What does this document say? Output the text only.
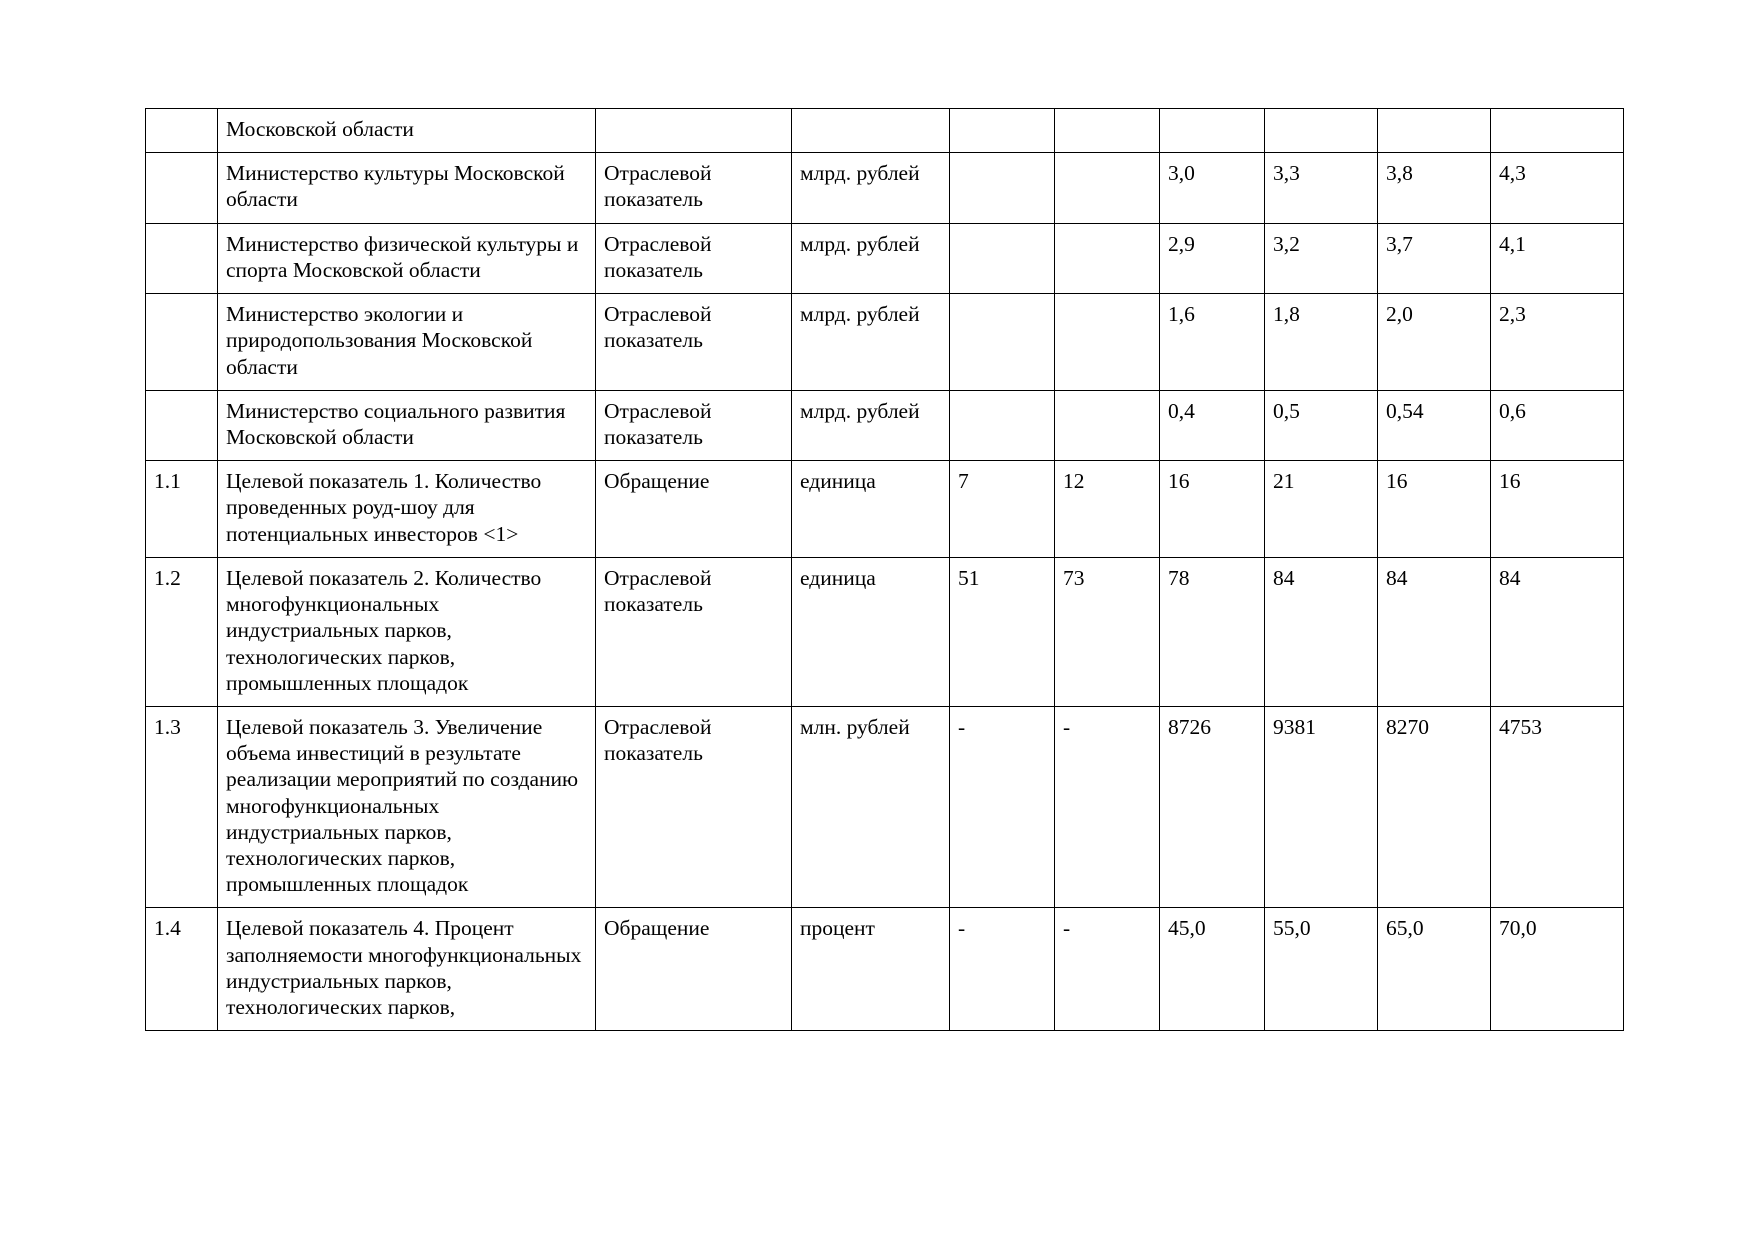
	Московской области								

	Министерство культуры Московской области	Отраслевой показатель	млрд. рублей			3,0	3,3	3,8	4,3

	Министерство физической культуры и спорта Московской области	Отраслевой показатель	млрд. рублей			2,9	3,2	3,7	4,1

	Министерство экологии и природопользования Московской области	Отраслевой показатель	млрд. рублей			1,6	1,8	2,0	2,3

	Министерство социального развития Московской области	Отраслевой показатель	млрд. рублей			0,4	0,5	0,54	0,6

1.1	Целевой показатель 1. Количество проведенных роуд-шоу для потенциальных инвесторов <1>	Обращение	единица	7	12	16	21	16	16

1.2	Целевой показатель 2. Количество многофункциональных индустриальных парков, технологических парков, промышленных площадок	Отраслевой показатель	единица	51	73	78	84	84	84

1.3	Целевой показатель 3. Увеличение объема инвестиций в результате реализации мероприятий по созданию многофункциональных индустриальных парков, технологических парков, промышленных площадок	Отраслевой показатель	млн. рублей	-	-	8726	9381	8270	4753

1.4	Целевой показатель 4. Процент заполняемости многофункциональных индустриальных парков, технологических парков,	Обращение	процент	-	-	45,0	55,0	65,0	70,0
